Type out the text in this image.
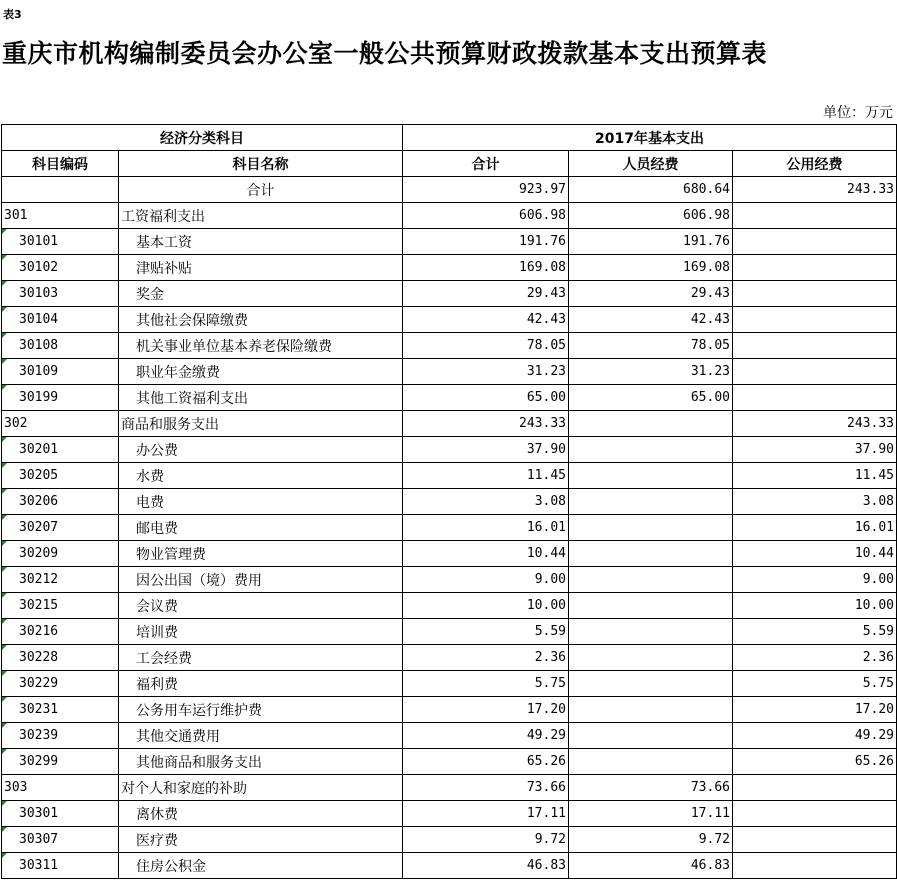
表3
重庆市机构编制委员会办公室一般公共预算财政拨款基本支出预算表
单位：万元
经济分类科目		2017年基本支出		
科目编码	科目名称	合计	人员经费	公用经费
	合计	923.97	680.64	243.33
301	工资福利支出	606.98	606.98	

30101	基本工资	191.76	191.76	

30102	津贴补贴	169.08	169.08	

30103	奖金	29.43	29.43	

30104	其他社会保障缴费	42.43	42.43	

30108	机关事业单位基本养老保险缴费	78.05	78.05	

30109	职业年金缴费	31.23	31.23	

30199	其他工资福利支出	65.00	65.00	
302	商品和服务支出	243.33		243.33

30201	办公费	37.90		37.90

30205	水费	11.45		11.45

30206	电费	3.08		3.08

30207	邮电费	16.01		16.01

30209	物业管理费	10.44		10.44

30212	因公出国（境）费用	9.00		9.00

30215	会议费	10.00		10.00

30216	培训费	5.59		5.59

30228	工会经费	2.36		2.36

30229	福利费	5.75		5.75

30231	公务用车运行维护费	17.20		17.20

30239	其他交通费用	49.29		49.29

30299	其他商品和服务支出	65.26		65.26
303	对个人和家庭的补助	73.66	73.66	

30301	离休费	17.11	17.11	

30307	医疗费	9.72	9.72	

30311	住房公积金	46.83	46.83	
